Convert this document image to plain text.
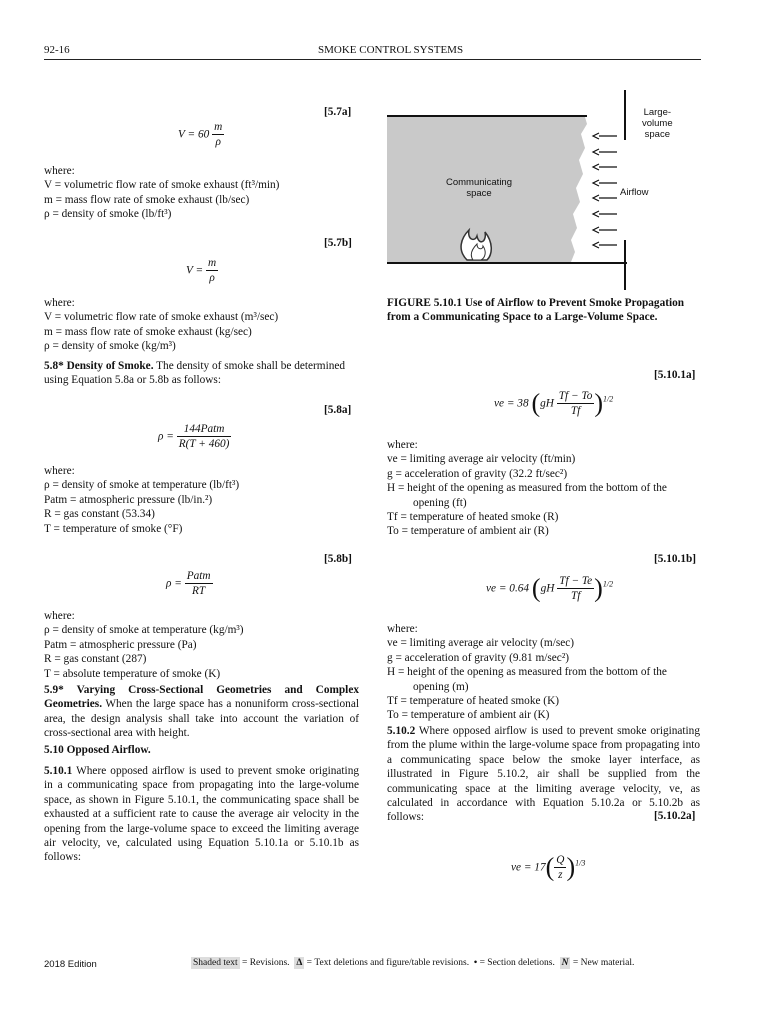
92-16	SMOKE CONTROL SYSTEMS
[5.7a]
$V = 60 \frac{m}{\rho}$
where:
V = volumetric flow rate of smoke exhaust (ft³/min)
m = mass flow rate of smoke exhaust (lb/sec)
ρ = density of smoke (lb/ft³)
[5.7b]
$V = \frac{m}{\rho}$
where:
V = volumetric flow rate of smoke exhaust (m³/sec)
m = mass flow rate of smoke exhaust (kg/sec)
ρ = density of smoke (kg/m³)
5.8* Density of Smoke. The density of smoke shall be determined using Equation 5.8a or 5.8b as follows:
[5.8a]
$\rho = \frac{\text{144Patm}}{R(T + 460)}$
where:
ρ = density of smoke at temperature (lb/ft³)
Patm = atmospheric pressure (lb/in.²)
R = gas constant (53.34)
T = temperature of smoke (°F)
[5.8b]
$\rho = \frac{\text{Patm}}{RT}$
where:
ρ = density of smoke at temperature (kg/m³)
Patm = atmospheric pressure (Pa)
R = gas constant (287)
T = absolute temperature of smoke (K)
5.9* Varying Cross-Sectional Geometries and Complex Geometries. When the large space has a nonuniform cross-sectional area, the design analysis shall take into account the variation of cross-sectional area with height.
5.10 Opposed Airflow.
5.10.1 Where opposed airflow is used to prevent smoke originating in a communicating space from propagating into the large-volume space, as shown in Figure 5.10.1, the communicating space shall be exhausted at a sufficient rate to cause the average air velocity in the opening from the large-volume space to exceed the limiting average air velocity, ve, calculated using Equation 5.10.1a or 5.10.1b as follows:
Large-
volume
space
Communicating
space	Airflow
FIGURE 5.10.1 Use of Airflow to Prevent Smoke Propagation from a Communicating Space to a Large-Volume Space.
[5.10.1a]
ve = 38 $(gH \frac{Tf - To}{Tf} )^{1/2}$
where:
ve = limiting average air velocity (ft/min)
g = acceleration of gravity (32.2 ft/sec²)
H = height of the opening as measured from the bottom of the opening (ft)
Tf = temperature of heated smoke (R)
To = temperature of ambient air (R)
[5.10.1b]
ve = 0.64 $(gH \frac{Tf - Te}{Tf} )^{1/2}$
where:
ve = limiting average air velocity (m/sec)
g = acceleration of gravity (9.81 m/sec²)
H = height of the opening as measured from the bottom of the opening (m)
Tf = temperature of heated smoke (K)
To = temperature of ambient air (K)
5.10.2 Where opposed airflow is used to prevent smoke originating from the plume within the large-volume space from propagating into a communicating space below the smoke layer interface, as illustrated in Figure 5.10.2, air shall be supplied from the communicating space at the limiting average velocity, ve, as calculated in accordance with Equation 5.10.2a or 5.10.2b as follows:	[5.10.2a]
ve = $17( \frac{Q}{z} )^{1/3}$
2018 Edition	Shaded text = Revisions. Δ = Text deletions and figure/table revisions. • = Section deletions. N = New material.
